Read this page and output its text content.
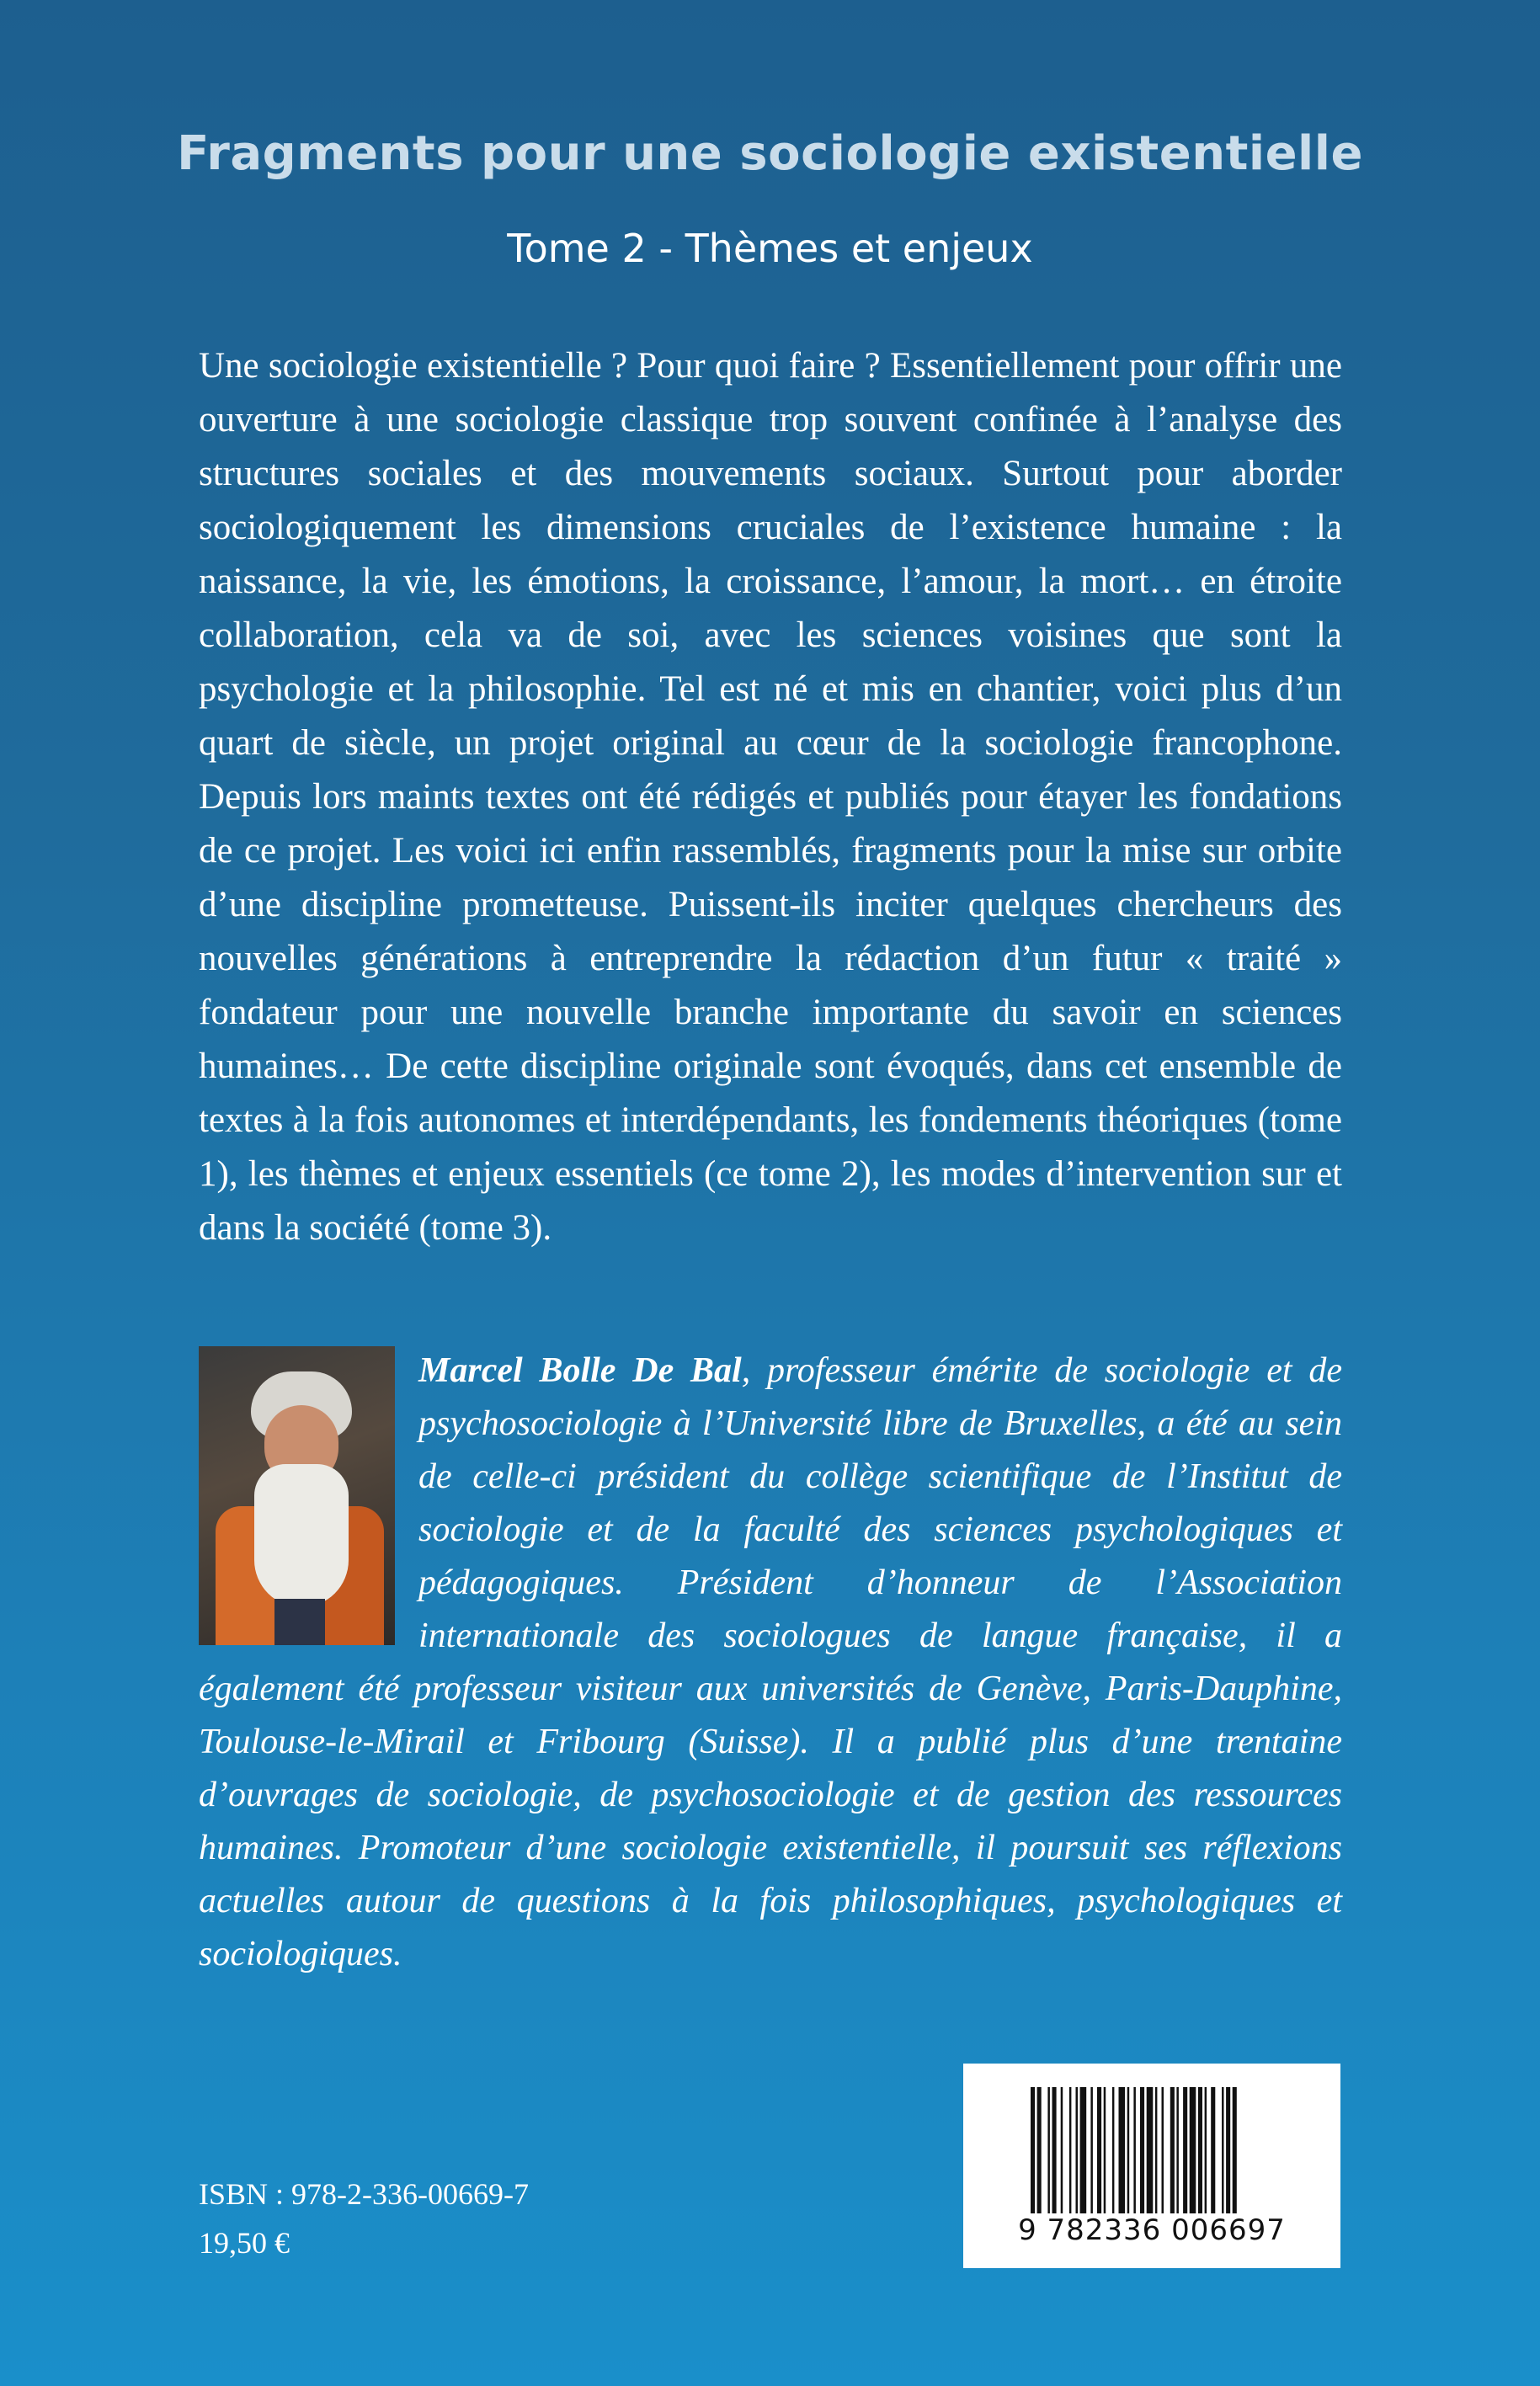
Fragments pour une sociologie existentielle
Tome 2 - Thèmes et enjeux

Une sociologie existentielle ? Pour quoi faire ? Essentiellement pour offrir une ouverture à une sociologie classique trop souvent confinée à l’analyse des structures sociales et des mouvements sociaux. Surtout pour aborder sociologiquement les dimensions cruciales de l’existence humaine : la naissance, la vie, les émotions, la croissance, l’amour, la mort… en étroite collaboration, cela va de soi, avec les sciences voisines que sont la psychologie et la philosophie. Tel est né et mis en chantier, voici plus d’un quart de siècle, un projet original au cœur de la sociologie francophone. Depuis lors maints textes ont été rédigés et publiés pour étayer les fondations de ce projet. Les voici ici enfin rassemblés, fragments pour la mise sur orbite d’une discipline prometteuse. Puissent-ils inciter quelques chercheurs des nouvelles générations à entreprendre la rédaction d’un futur « traité » fondateur pour une nouvelle branche importante du savoir en sciences humaines… De cette discipline originale sont évoqués, dans cet ensemble de textes à la fois autonomes et interdépendants, les fondements théoriques (tome 1), les thèmes et enjeux essentiels (ce tome 2), les modes d’intervention sur et dans la société (tome 3).

Marcel Bolle De Bal, professeur émérite de sociologie et de psychosociologie à l’Université libre de Bruxelles, a été au sein de celle-ci président du collège scientifique de l’Institut de sociologie et de la faculté des sciences psychologiques et pédagogiques. Président d’honneur de l’Association internationale des sociologues de langue française, il a également été professeur visiteur aux universités de Genève, Paris-Dauphine, Toulouse-le-Mirail et Fribourg (Suisse). Il a publié plus d’une trentaine d’ouvrages de sociologie, de psychosociologie et de gestion des ressources humaines. Promoteur d’une sociologie existentielle, il poursuit ses réflexions actuelles autour de questions à la fois philosophiques, psychologiques et sociologiques.

9 782336 006697
ISBN : 978-2-336-00669-7
19,50 €
